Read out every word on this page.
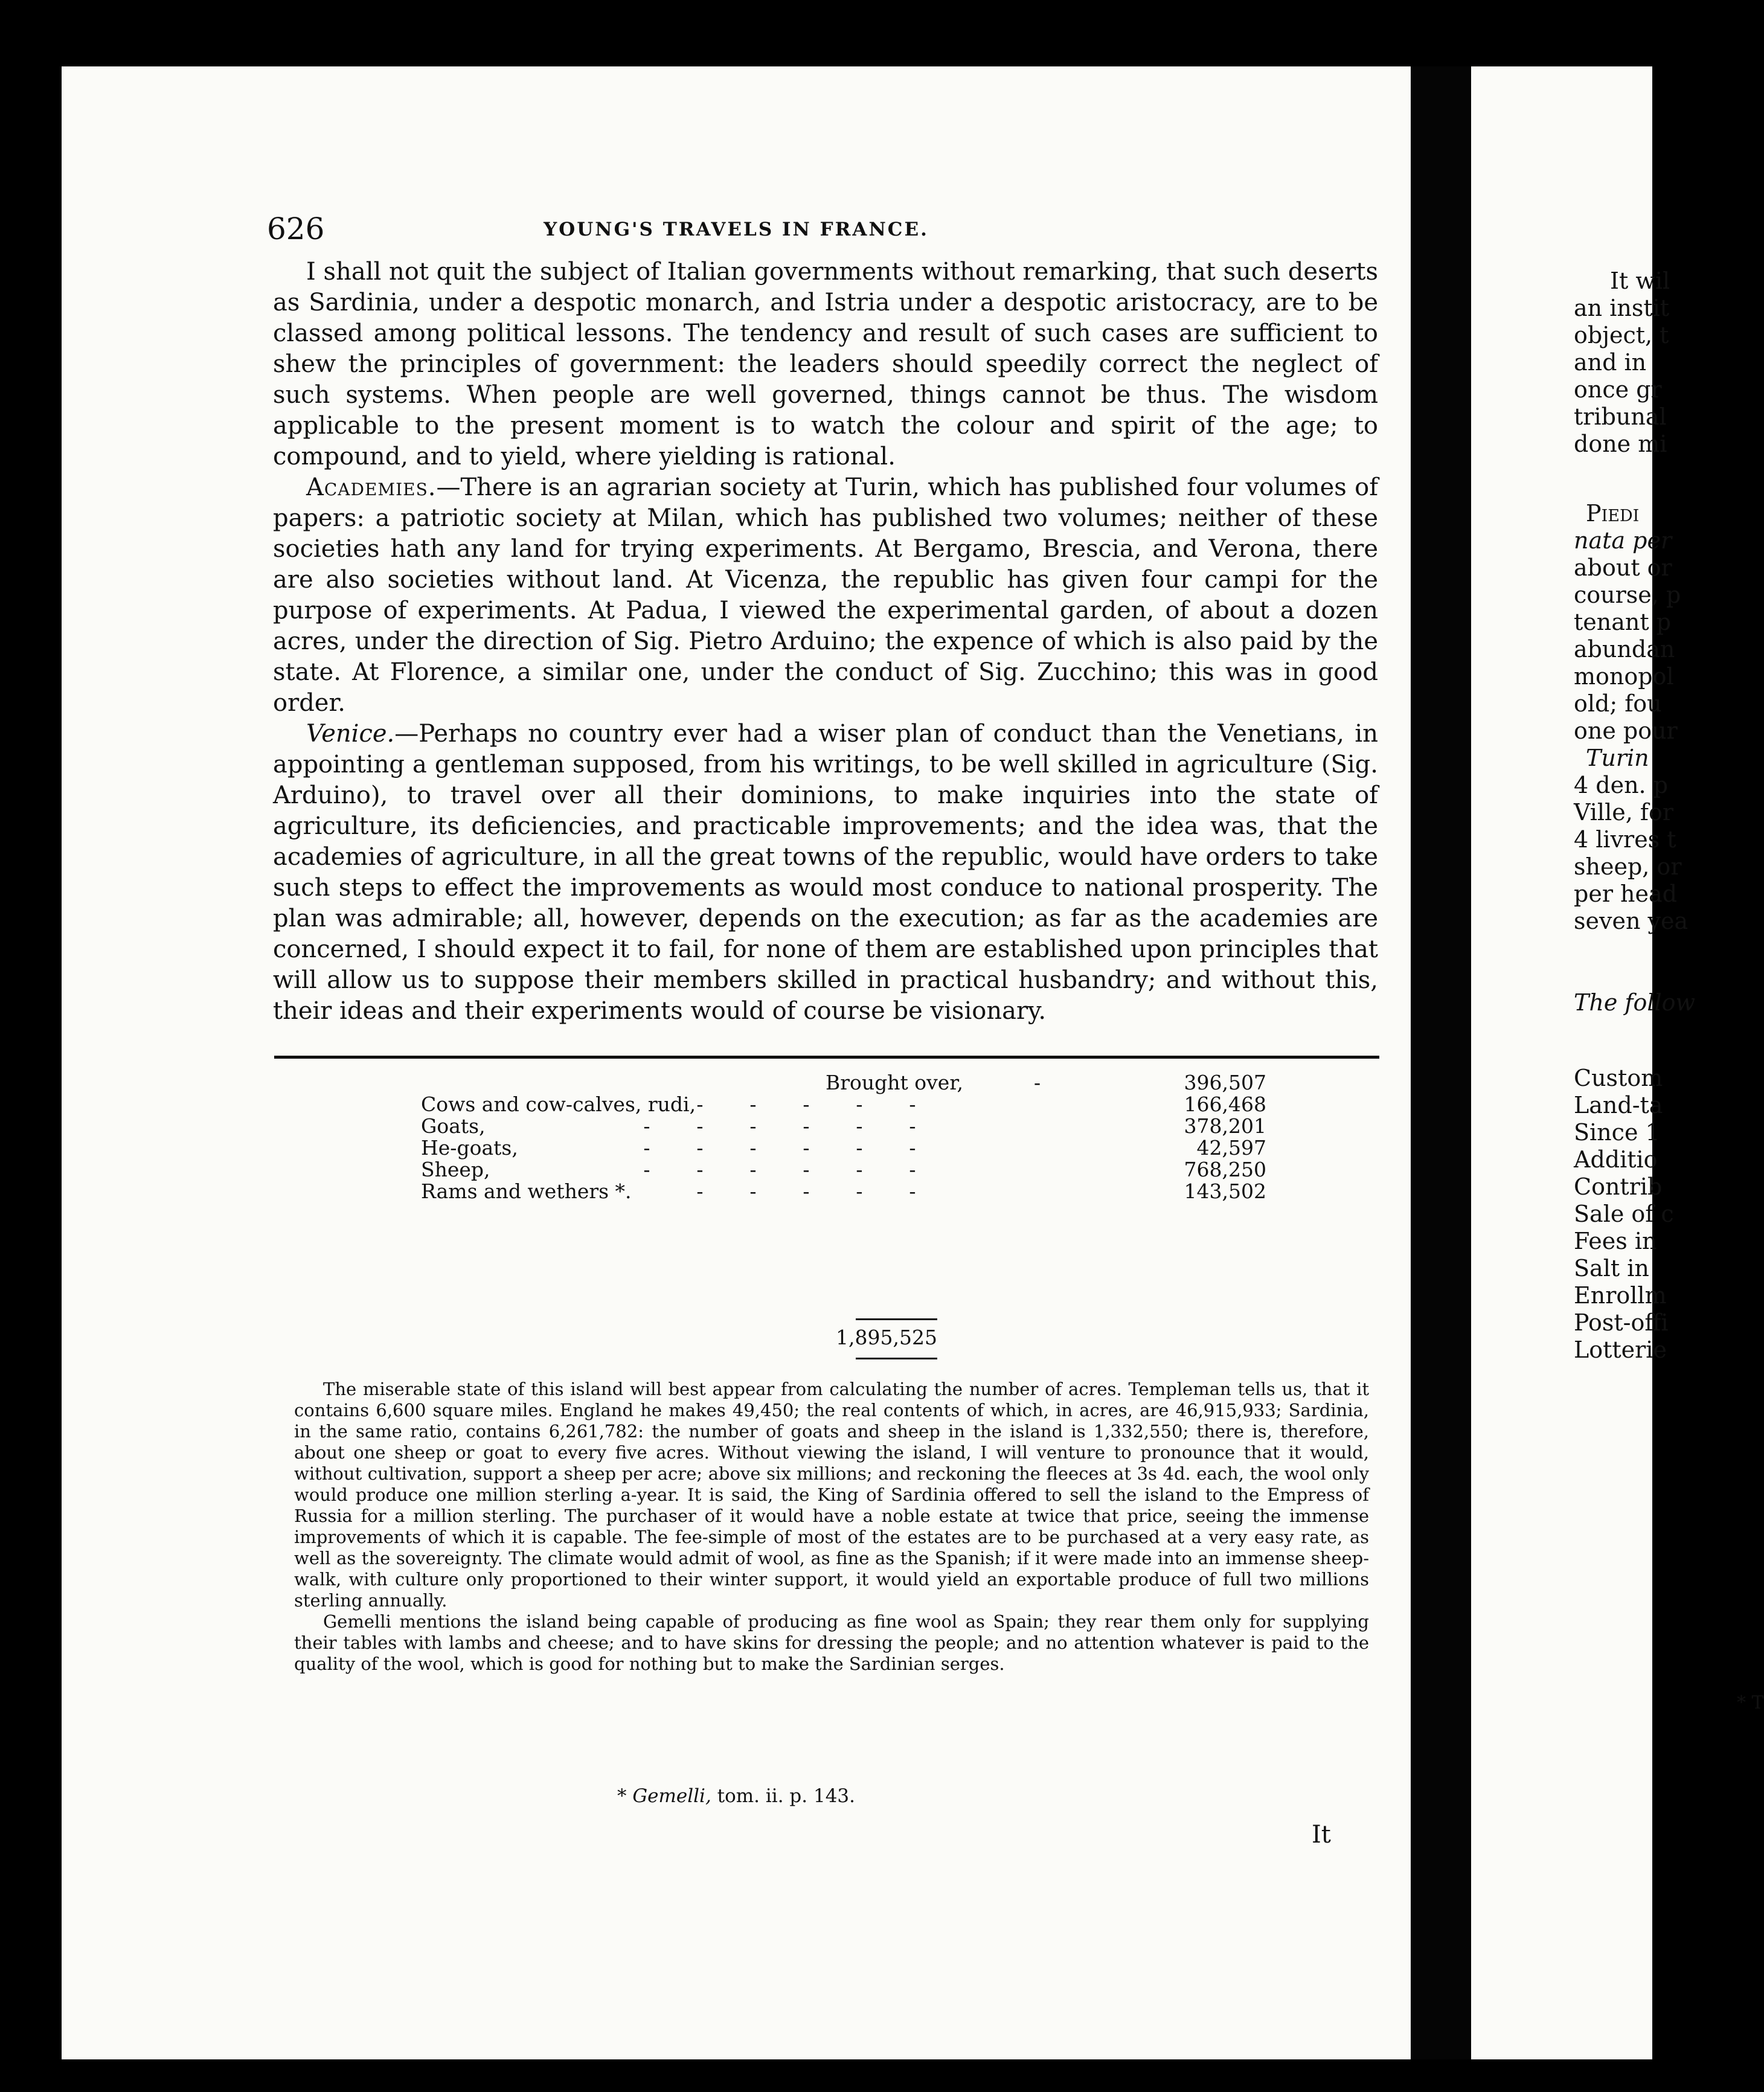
626	YOUNG'S TRAVELS IN FRANCE.

I shall not quit the subject of Italian governments without remarking, that such deserts as Sardinia, under a despotic monarch, and Istria under a despotic aristocracy, are to be classed among political lessons. The tendency and result of such cases are sufficient to shew the principles of government: the leaders should speedily correct the neglect of such systems. When people are well governed, things cannot be thus. The wisdom applicable to the present moment is to watch the colour and spirit of the age; to compound, and to yield, where yielding is rational.

Academies.—There is an agrarian society at Turin, which has published four volumes of papers: a patriotic society at Milan, which has published two volumes; neither of these societies hath any land for trying experiments. At Bergamo, Brescia, and Verona, there are also societies without land. At Vicenza, the republic has given four campi for the purpose of experiments. At Padua, I viewed the experimental garden, of about a dozen acres, under the direction of Sig. Pietro Arduino; the expence of which is also paid by the state. At Florence, a similar one, under the conduct of Sig. Zucchino; this was in good order.

Venice.—Perhaps no country ever had a wiser plan of conduct than the Venetians, in appointing a gentleman supposed, from his writings, to be well skilled in agriculture (Sig. Arduino), to travel over all their dominions, to make inquiries into the state of agriculture, its deficiencies, and practicable improvements; and the idea was, that the academies of agriculture, in all the great towns of the republic, would have orders to take such steps to effect the improvements as would most conduce to national prosperity. The plan was admirable; all, however, depends on the execution; as far as the academies are concerned, I should expect it to fail, for none of them are established upon principles that will allow us to suppose their members skilled in practical husbandry; and without this, their ideas and their experiments would of course be visionary.

Brought over,	-	396,507
Cows and cow-calves, rudi, - - - - -	166,468
Goats,	- - - - - -	378,201
He-goats,	- - - - - -	42,597
Sheep,	- - - - - -	768,250
Rams and wethers *.	- - - - -	143,502
1,895,525

The miserable state of this island will best appear from calculating the number of acres. Templeman tells us, that it contains 6,600 square miles. England he makes 49,450; the real contents of which, in acres, are 46,915,933; Sardinia, in the same ratio, contains 6,261,782: the number of goats and sheep in the island is 1,332,550; there is, therefore, about one sheep or goat to every five acres. Without viewing the island, I will venture to pronounce that it would, without cultivation, support a sheep per acre; above six millions; and reckoning the fleeces at 3s 4d. each, the wool only would produce one million sterling a-year. It is said, the King of Sardinia offered to sell the island to the Empress of Russia for a million sterling. The purchaser of it would have a noble estate at twice that price, seeing the immense improvements of which it is capable. The fee-simple of most of the estates are to be purchased at a very easy rate, as well as the sovereignty. The climate would admit of wool, as fine as the Spanish; if it were made into an immense sheep-walk, with culture only proportioned to their winter support, it would yield an exportable produce of full two millions sterling annually.

Gemelli mentions the island being capable of producing as fine wool as Spain; they rear them only for supplying their tables with lambs and cheese; and to have skins for dressing the people; and no attention whatever is paid to the quality of the wool, which is good for nothing but to make the Sardinian serges.

* Gemelli, tom. ii. p. 143.
It
It wil
an instit
object, t
and in
once gr
tribunal
done mi
Piedi
nata per
about or
course, p
tenant p
abundan
monopol
old; fou
one pour
Turin
4 den. p
Ville, for
4 livres t
sheep, or
per head
seven yea
The follow
Custom
Land-ta
Since 1
Additio
Contrib
Sale of c
Fees in
Salt in
Enrollm
Post-offi
Lotterie
* T
